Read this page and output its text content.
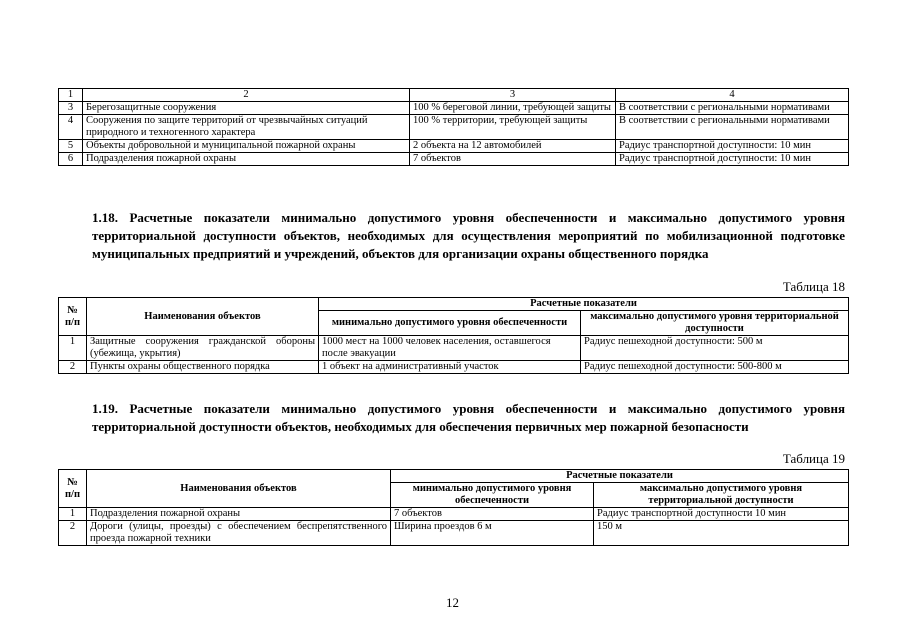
1	2	3	4
3	Берегозащитные сооружения	100 % береговой линии, требующей защиты	В соответствии с региональными нормативами
4	Сооружения по защите территорий от чрезвычайных ситуаций природного и техногенного характера	100 % территории, требующей защиты	В соответствии с региональными нормативами
5	Объекты добровольной и муниципальной пожарной охраны	2 объекта на 12 автомобилей	Радиус транспортной доступности: 10 мин
6	Подразделения пожарной охраны	7 объектов	Радиус транспортной доступности: 10 мин

1.18. Расчетные показатели минимально допустимого уровня обеспеченности и максимально допустимого уровня территориальной доступности объектов, необходимых для осуществления мероприятий по мобилизационной подготовке муниципальных предприятий и учреждений, объектов для организации охраны общественного порядка

Таблица 18
№ п/п	Наименования объектов	Расчетные показатели	
		минимально допустимого уровня обеспеченности	максимально допустимого уровня территориальной доступности
1	Защитные сооружения гражданской обороны (убежища, укрытия)	1000 мест на 1000 человек населения, оставшегося после эвакуации	Радиус пешеходной доступности: 500 м
2	Пункты охраны общественного порядка	1 объект на административный участок	Радиус пешеходной доступности: 500-800 м

1.19. Расчетные показатели минимально допустимого уровня обеспеченности и максимально допустимого уровня территориальной доступности объектов, необходимых для обеспечения первичных мер пожарной безопасности

Таблица 19
№ п/п	Наименования объектов	Расчетные показатели	
		минимально допустимого уровня обеспеченности	максимально допустимого уровня территориальной доступности
1	Подразделения пожарной охраны	7 объектов	Радиус транспортной доступности 10 мин
2	Дороги (улицы, проезды) с обеспечением беспрепятственного проезда пожарной техники	Ширина проездов 6 м	150 м
12
